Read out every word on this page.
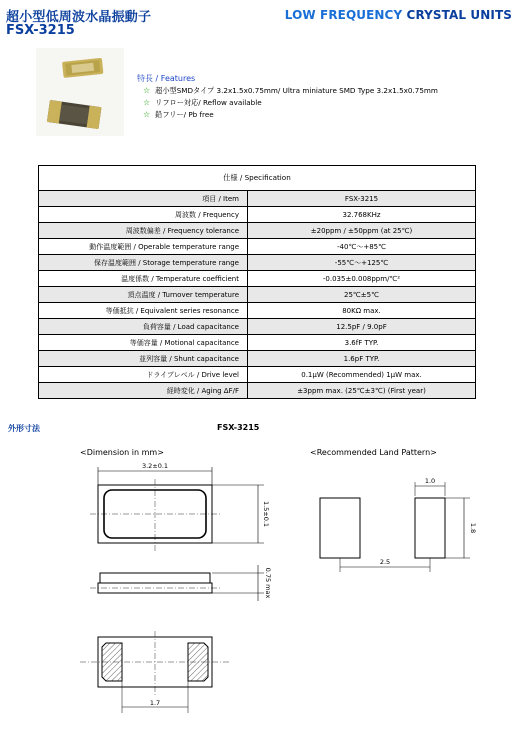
超小型低周波水晶振動子
FSX-3215
LOW FREQUENCY CRYSTAL UNITS
特長 / Features
☆ 超小型SMDタイプ 3.2x1.5x0.75mm/ Ultra miniature SMD Type 3.2x1.5x0.75mm
☆ リフロー対応/ Reflow available
☆ 鉛フリー/ Pb free
仕様 / Specification	
項目 / Item	FSX-3215
周波数 / Frequency	32.768KHz
周波数偏差 / Frequency tolerance	±20ppm / ±50ppm (at 25℃)
動作温度範囲 / Operable temperature range	-40℃～+85℃
保存温度範囲 / Storage temperature range	-55℃～+125℃
温度係数 / Temperature coefficient	-0.035±0.008ppm/℃²
頂点温度 / Turnover temperature	25℃±5℃
等価抵抗 / Equivalent series resonance	80KΩ max.
負荷容量 / Load capacitance	12.5pF / 9.0pF
等価容量 / Motional capacitance	3.6fF TYP.
並列容量 / Shunt capacitance	1.6pF TYP.
ドライブレベル / Drive level	0.1μW (Recommended) 1μW max.
経時変化 / Aging ΔF/F	±3ppm max. (25℃±3℃) (First year)
外形寸法	FSX-3215
<Dimension in mm>	<Recommended Land Pattern>
3.2±0.1
1.5±0.1
0.75 max
1.7
1.0
1.8
2.5
